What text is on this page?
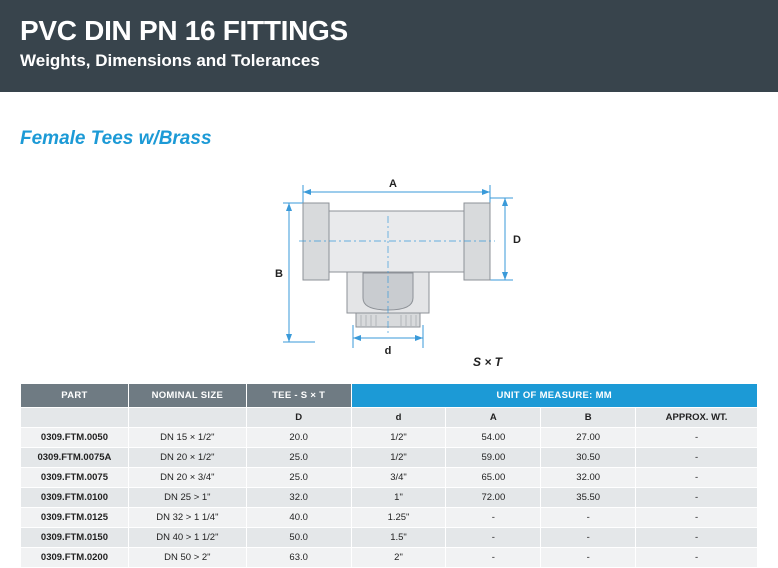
PVC DIN PN 16 FITTINGS
Weights, Dimensions and Tolerances
Female Tees w/Brass
A
D
B
d
S × T
PART	NOMINAL SIZE	TEE - S × T	UNIT OF MEASURE: MM			
		D	d	A	B	APPROX. WT.
0309.FTM.0050	DN 15 × 1/2"	20.0	1/2"	54.00	27.00	-
0309.FTM.0075A	DN 20 × 1/2"	25.0	1/2"	59.00	30.50	-
0309.FTM.0075	DN 20 × 3/4"	25.0	3/4"	65.00	32.00	-
0309.FTM.0100	DN 25 > 1"	32.0	1"	72.00	35.50	-
0309.FTM.0125	DN 32 > 1 1/4"	40.0	1.25"	-	-	-
0309.FTM.0150	DN 40 > 1 1/2"	50.0	1.5"	-	-	-
0309.FTM.0200	DN 50 > 2"	63.0	2"	-	-	-
